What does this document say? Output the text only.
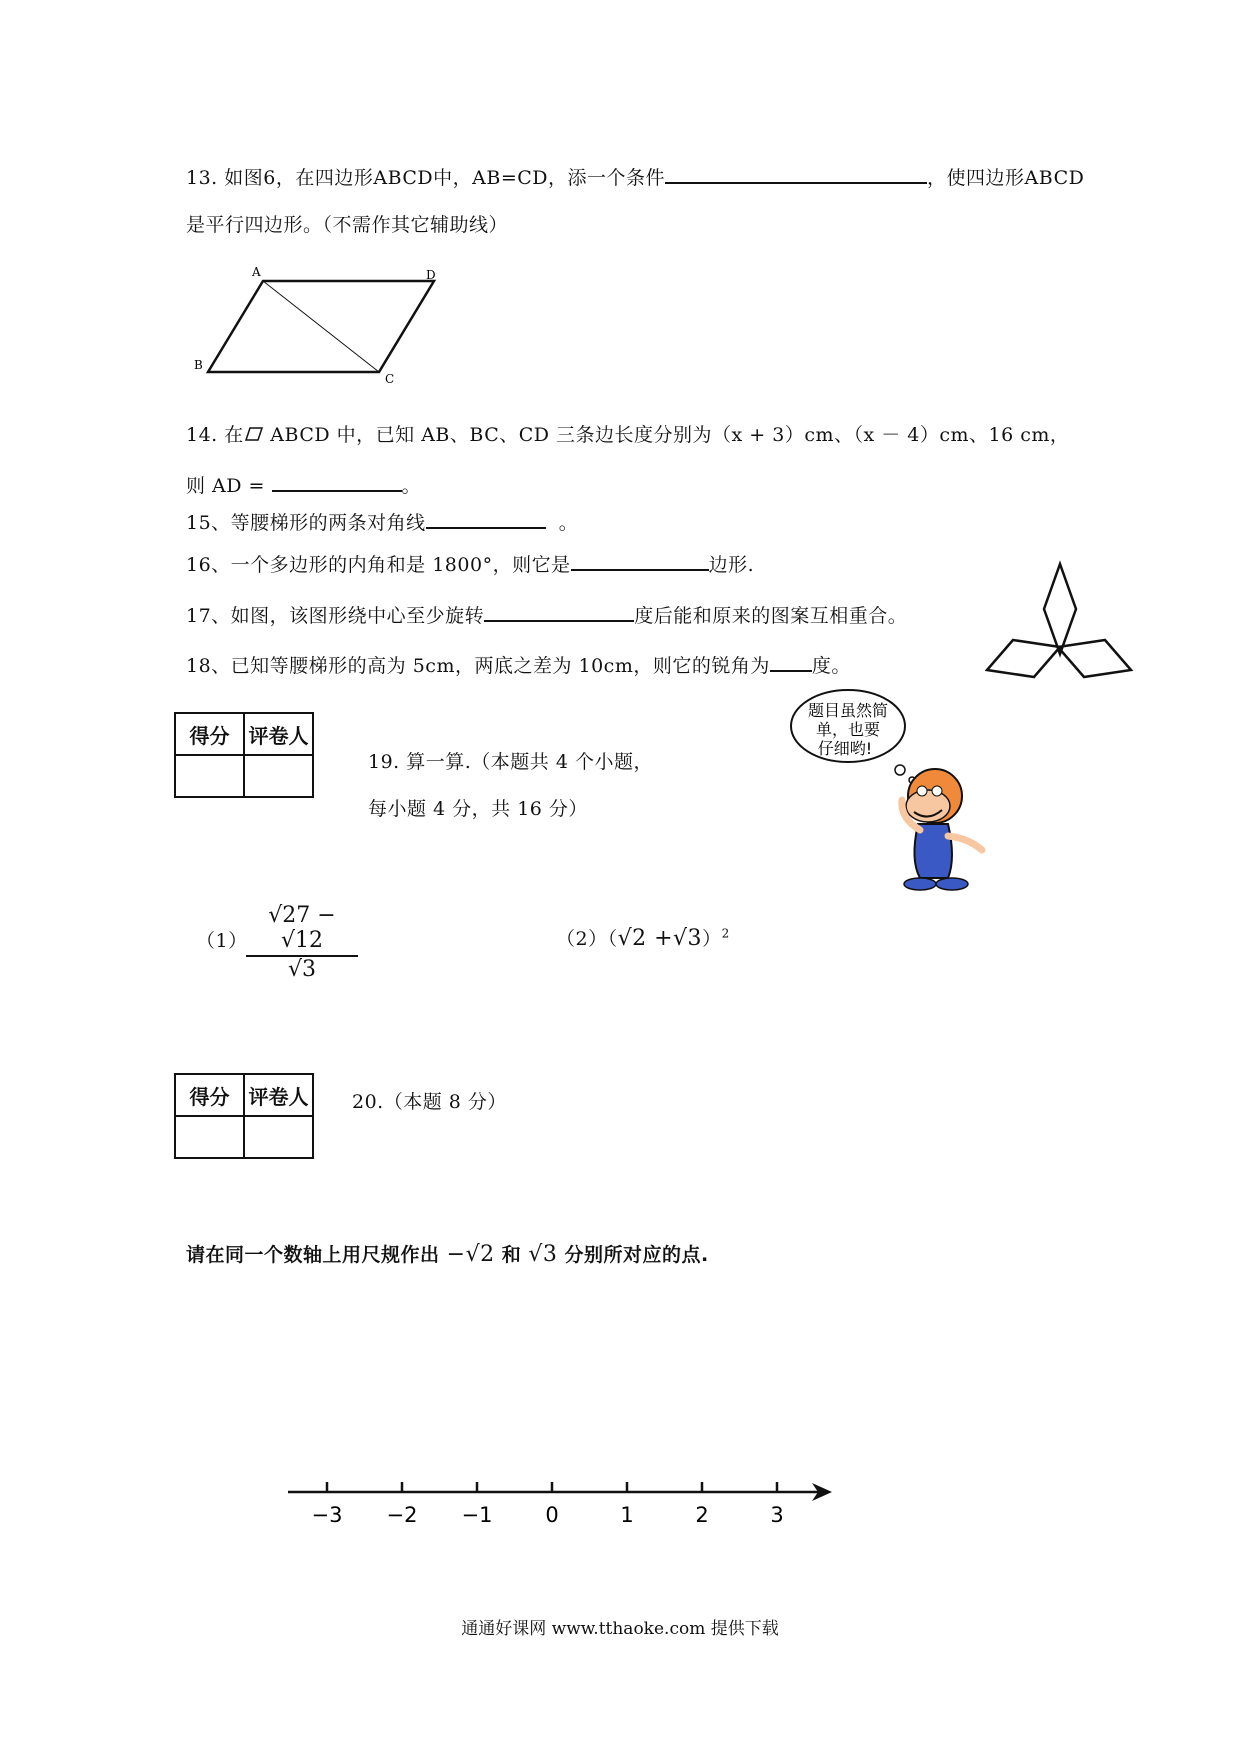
13. 如图6，在四边形ABCD中，AB=CD，添一个条件	，使四边形ABCD
是平行四边形。（不需作其它辅助线）
A	D
B
C
14. 在 ABCD 中，已知 AB、BC、CD 三条边长度分别为（x + 3）cm、（x － 4）cm、16 cm，
则 AD =	。
15、等腰梯形的两条对角线	。
16、一个多边形的内角和是 1800°，则它是	边形.
17、如图，该图形绕中心至少旋转	度后能和原来的图案互相重合。
18、已知等腰梯形的高为 5cm，两底之差为 10cm，则它的锐角为 度。
得分	评卷人

19. 算一算.（本题共 4 个小题，
每小题 4 分，共 16 分）
题目虽然简
单，也要
仔细哟!
（1）
$\frac{√27 - √12}{√3}$	$(2)(√2 +√3)^2$
得分	评卷人
	20.（本题 8 分）
请在同一个数轴上用尺规作出 −√2 和 √3 分别所对应的点.
−3 −2 −1	0	1	2	3
通通好课网 www.tthaoke.com 提供下载
